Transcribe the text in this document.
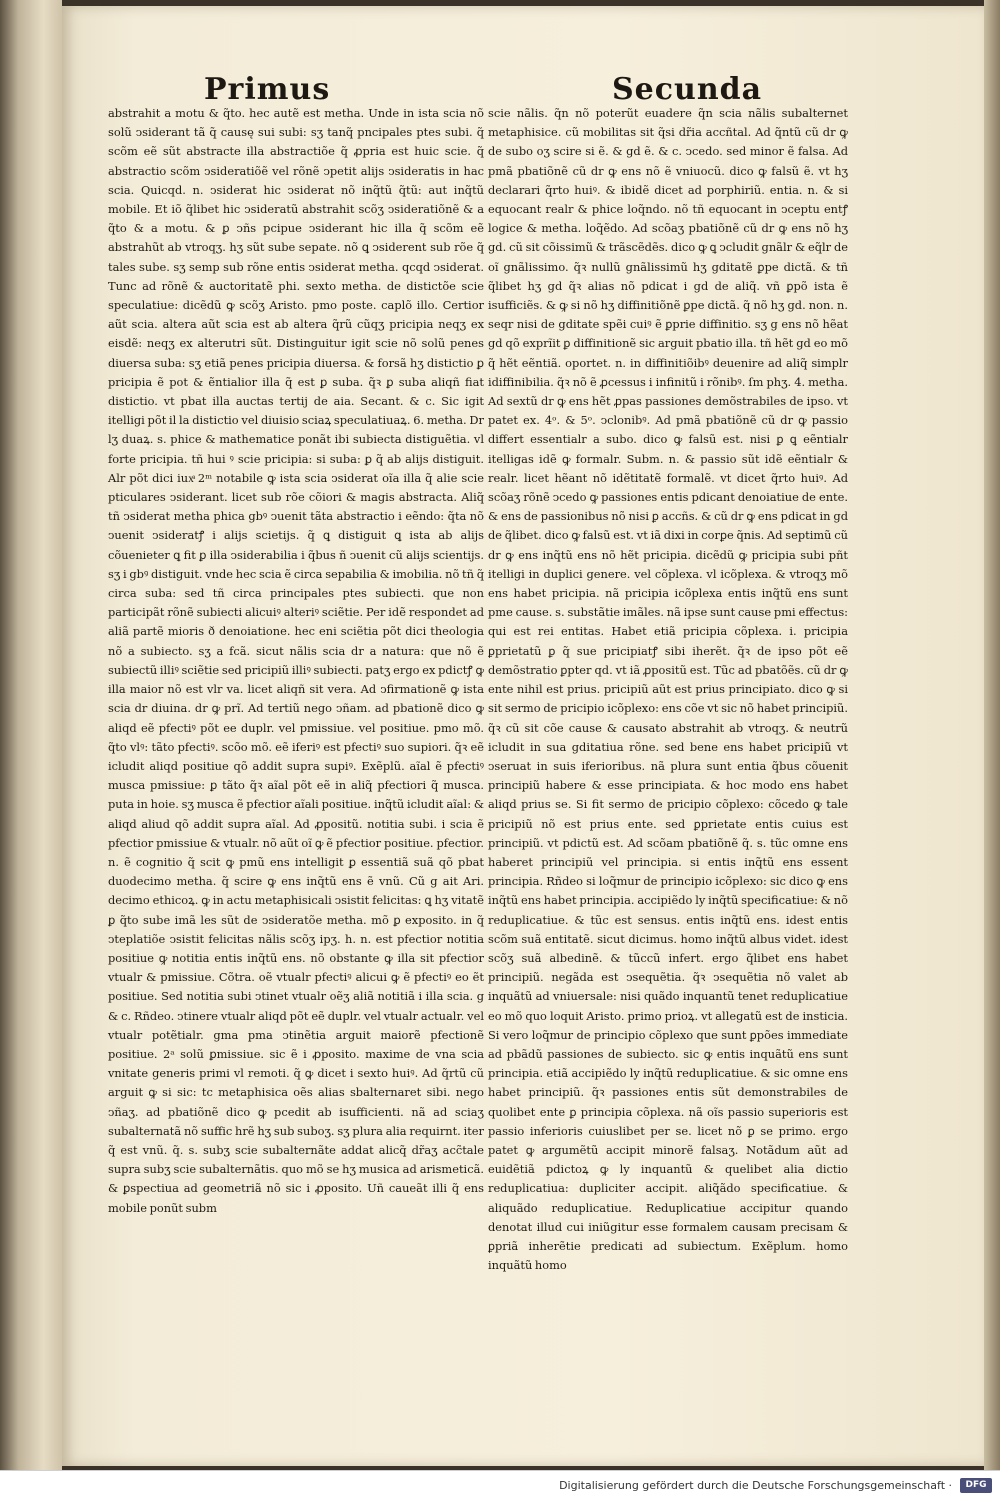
Primus	Secunda

abstrahit a motu & q̃to. hec autẽ est metha. Unde in ista scia nõ solũ ↄsiderant tã q̃ causę sui subi: sʒ tanq̃ pncipales ptes subi. q̃ scõm eẽ sũt abstracte illa abstractiõe q̃ ꝓpria est huic scie. q̃ abstractio scõm ↄsideratiõẽ vel rõnẽ ↄpetit alijs ↄsideratis in hac scia. Quicqd. n. ↄsiderat hic ↄsiderat nõ inq̃tũ q̃tũ: aut inq̃tũ mobile. Et iõ q̃libet hic ↄsideratũ abstrahit scõʒ ↄsideratiõnẽ & a q̃to & a motu. & ꝑ ↄñs pcipue ↄsiderant hic illa q̃ scõm eẽ abstrahũt ab vtroqʒ. hʒ sũt sube sepate. nõ ꝗ ↄsiderent sub rõe q̃ tales sube. sʒ semp sub rõne entis ↄsiderat metha. qcqd ↄsiderat. Tunc ad rõnẽ & auctoritatẽ phi. sexto metha. de distictõe scie speculatiue: dicẽdũ ꝙ scõʒ Aristo. pmo poste. caplõ illo. Certior aũt scia. altera aũt scia est ab altera q̃rũ cũqʒ pricipia neqʒ ex eisdẽ: neqʒ ex alterutri sũt. Distinguitur igit scie nõ solũ penes diuersa suba: sʒ etiã penes pricipia diuersa. & forsã hʒ distictio ꝑ pricipia ẽ pot & ẽntialior illa q̃ est ꝑ suba. q̃ꝛ ꝑ suba aliqñ fiat distictio. vt pbat illa auctas tertij de aia. Secant. & c. Sic igit itelligi põt il la distictio vel diuisio sciaꝝ speculatiuaꝝ. 6. metha. Dr lʒ duaꝝ. s. phice & mathematice ponãt ibi subiecta distiguẽtia. vl forte pricipia. tñ hui ꝰ scie pricipia: si suba: ꝑ q̃ ab alijs distiguit. Alr põt dici iuxͣ 2ᵐ notabile ꝙ ista scia ↄsiderat oĩa illa q̃ alie scie pticulares ↄsiderant. licet sub rõe cõiori & magis abstracta. Aliq̃ tñ ↄsiderat metha phica gbꝰ ↄuenit tãta abstractio i eẽndo: q̃ta nõ ↄuenit ↄsideratꝭ i alijs scietijs. q̃ ꝗ distiguit ꝗ ista ab alijs cõuenieter ꝗ fit ꝑ illa ↄsiderabilia i q̃bus ñ ↄuenit cũ alijs scientijs. sʒ i gbꝰ distiguit. vnde hec scia ẽ circa sepabilia & imobilia. nõ tñ q̃ circa suba: sed tñ circa principales ptes subiecti. que non participãt rõnẽ subiecti alicuiꝰ alteriꝰ sciẽtie. Per idẽ respondet ad aliã partẽ mioris ð denoiatione. hec eni sciẽtia põt dici theologia nõ a subiecto. sʒ a fcã. sicut nãlis scia dr a natura: que nõ ẽ subiectũ illiꝰ sciẽtie sed pricipiũ illiꝰ subiecti. patʒ ergo ex pdictꝭ ꝙ illa maior nõ est vlr va. licet aliqñ sit vera. Ad ↄfirmationẽ ꝙ ista scia dr diuina. dr ꝙ prĩ. Ad tertiũ nego ↄñam. ad pbationẽ dico ꝙ aliqd eẽ pfectiꝰ põt ee duplr. vel pmissiue. vel positiue. pmo mõ. q̃to vlꝰ: tãto pfectiꝰ. scõo mõ. eẽ iferiꝰ est pfectiꝰ suo supiori. q̃ꝛ eẽ icludit aliqd positiue qõ addit supra supiꝰ. Exẽplũ. aĩal ẽ pfectiꝰ musca pmissiue: ꝑ tãto q̃ꝛ aĩal põt eẽ in aliq̃ pfectiori q̃ musca. puta in hoie. sʒ musca ẽ pfectior aĩali positiue. inq̃tũ icludit aĩal: & aliqd aliud qõ addit supra aĩal. Ad ꝓpositũ. notitia subi. i scia ẽ pfectior pmissiue & vtualr. nõ aũt oĩ ꝙ ẽ pfectior positiue. pfectior. n. ẽ cognitio q̃ scit ꝙ pmũ ens intelligit ꝑ essentiã suã qõ pbat duodecimo metha. q̃ scire ꝙ ens inq̃tũ ens ẽ vnũ. Cũ g ait Ari. decimo ethicoꝝ. ꝙ in actu metaphisicali ↄsistit felicitas: ꝗ hʒ vitatẽ ꝑ q̃to sube imã les sũt de ↄsideratõe metha. mõ ꝑ exposito. in q̃ ↄteplatiõe ↄsistit felicitas nãlis scõʒ ipʒ. h. n. est pfectior notitia positiue ꝙ notitia entis inq̃tũ ens. nõ obstante ꝙ illa sit pfectior vtualr & pmissiue. Cõtra. oẽ vtualr pfectiꝰ alicui ꝙ ẽ pfectiꝰ eo ẽt positiue. Sed notitia subi ↄtinet vtualr oẽʒ aliã notitiã i illa scia. g & c. Rñdeo. ↄtinere vtualr aliqd põt eẽ duplr. vel vtualr actualr. vel vtualr potẽtialr. gma pma ↄtinẽtia arguit maiorẽ pfectionẽ positiue. 2ᵃ solũ ꝑmissiue. sic ẽ i ꝓposito. maxime de vna scia vnitate generis primi vl remoti. q̃ ꝙ dicet i sexto huiꝰ. Ad q̃rtũ cũ arguit ꝙ si sic: tc metaphisica oẽs alias sbalternaret sibi. nego ↄñaʒ. ad pbatiõnẽ dico ꝙ pcedit ab isufficienti. nã ad sciaʒ subalternatã nõ suffic hrẽ hʒ sub suboʒ. sʒ plura alia requirnt. iter q̃ est vnũ. q̃. s. subʒ scie subalternãte addat alicq̃ dr̃aʒ acc̃tale supra subʒ scie subalternãtis. quo mõ se hʒ musica ad arismeticã. & ꝑspectiua ad geometriã nõ sic i ꝓposito. Uñ caueãt illi q̃ ens mobile ponũt subm

scie nãlis. q̃n nõ poterũt euadere q̃n scia nãlis subalternet metaphisice. cũ mobilitas sit q̃si dr̃ia accñtal. Ad q̃ntũ cũ dr ꝙ de subo oʒ scire si ẽ. & gd ẽ. & c. ↄcedo. sed minor ẽ falsa. Ad pmã pbatiõnẽ cũ dr ꝙ ens nõ ẽ vniuocũ. dico ꝙ falsũ ẽ. vt hʒ declarari q̃rto huiꝰ. & ibidẽ dicet ad porphiriũ. entia. n. & si equocant realr & phice loq̃ndo. nõ tñ equocant in ↄceptu entꝭ logice & metha. loq̃ẽdo. Ad scõaʒ pbatiõnẽ cũ dr ꝙ ens nõ hʒ gd. cũ sit cõissimũ & trãscẽdẽs. dico ꝙ ꝗ ↄcludit gnãlr & eq̃lr de oĩ gnãlissimo. q̃ꝛ nullũ gnãlissimũ hʒ gditatẽ ꝑpe dictã. & tñ q̃libet hʒ gd q̃ꝛ alias nõ pdicat i gd de aliq̃. vñ ꝑpõ ista ẽ isufficiẽs. & ꝙ si nõ hʒ diffinitiõnẽ ꝑpe dictã. q̃ nõ hʒ gd. non. n. seqr nisi de gditate spẽi cuiꝰ ẽ ꝑprie diffinitio. sʒ g ens nõ hẽat gd qõ exprĩit ꝑ diffinitionẽ sic arguit pbatio illa. tñ hẽt gd eo mõ q̃ hẽt eẽntiã. oportet. n. in diffinitiõibꝰ deuenire ad aliq̃ simplr idiffinibilia. q̃ꝛ nõ ẽ ꝓcessus i infinitũ i rõnibꝰ. ſm phʒ. 4. metha. Ad sextũ dr ꝙ ens hẽt ꝓpas passiones demõstrabiles de ipso. vt patet ex. 4ᵒ. & 5ᵒ. ↄclonibꝰ. Ad pmã pbatiõnẽ cũ dr ꝙ passio differt essentialr a subo. dico ꝙ falsũ est. nisi ꝑ ꝗ eẽntialr itelligas idẽ ꝙ formalr. Subm. n. & passio sũt idẽ eẽntialr & realr. licet hẽant nõ idẽtitatẽ formalẽ. vt dicet q̃rto huiꝰ. Ad scõaʒ rõnẽ ↄcedo ꝙ passiones entis pdicant denoiatiue de ente. & ens de passionibus nõ nisi ꝑ accñs. & cũ dr ꝙ ens pdicat in gd de q̃libet. dico ꝙ falsũ est. vt iã dixi in corꝑe q̃nis. Ad septimũ cũ dr ꝙ ens inq̃tũ ens nõ hẽt pricipia. dicẽdũ ꝙ pricipia subi pñt itelligi in duplici genere. vel cõplexa. vl icõplexa. & vtroqʒ mõ ens habet pricipia. nã pricipia icõplexa entis inq̃tũ ens sunt pme cause. s. substãtie imãles. nã ipse sunt cause pmi effectus: qui est rei entitas. Habet etiã pricipia cõplexa. i. pricipia ꝑprietatũ ꝑ q̃ sue pricipiatꝭ sibi iherẽt. q̃ꝛ de ipso põt eẽ demõstratio ꝑpter qd. vt iã ꝓpositũ est. Tũc ad pbatõẽs. cũ dr ꝙ ente nihil est prius. pricipiũ aũt est prius principiato. dico ꝙ si sit sermo de pricipio icõplexo: ens cõe vt sic nõ habet principiũ. q̃ꝛ cũ sit cõe cause & causato abstrahit ab vtroqʒ. & neutrũ icludit in sua gditatiua rõne. sed bene ens habet pricipiũ vt ↄseruat in suis iferioribus. nã plura sunt entia q̃bus cõuenit principiũ habere & esse principiata. & hoc modo ens habet aliqd prius se. Si fit sermo de pricipio cõplexo: cõcedo ꝙ tale pricipiũ nõ est prius ente. sed ꝑprietate entis cuius est principiũ. vt pdictũ est. Ad scõam pbatiõnẽ q̃. s. tũc omne ens haberet principiũ vel principia. si entis inq̃tũ ens essent principia. Rñdeo si loq̃mur de principio icõplexo: sic dico ꝙ ens inq̃tũ ens habet principia. accipiẽdo ly inq̃tũ specificatiue: & nõ reduplicatiue. & tũc est sensus. entis inq̃tũ ens. idest entis scõm suã entitatẽ. sicut dicimus. homo inq̃tũ albus videt. idest scõʒ suã albedinẽ. & tũccũ infert. ergo q̃libet ens habet principiũ. negãda est ↄsequẽtia. q̃ꝛ ↄsequẽtia nõ valet ab inquãtũ ad vniuersale: nisi quãdo inquantũ tenet reduplicatiue eo mõ quo loquit Aristo. primo prioꝝ. vt allegatũ est de insticia. Si vero loq̃mur de principio cõplexo que sunt ꝑpões immediate ad pbãdũ passiones de subiecto. sic ꝙ entis inquãtũ ens sunt principia. etiã accipiẽdo ly inq̃tũ reduplicatiue. & sic omne ens habet principiũ. q̃ꝛ passiones entis sũt demonstrabiles de quolibet ente ꝑ principia cõplexa. nã oĩs passio superioris est passio inferioris cuiuslibet per se. licet nõ ꝑ se primo. ergo patet ꝙ argumẽtũ accipit minorẽ falsaʒ. Notãdum aũt ad euidẽtiã pdictoꝝ ꝙ ly inquantũ & quelibet alia dictio reduplicatiua: dupliciter accipit. aliq̃ãdo specificatiue. & aliquãdo reduplicatiue. Reduplicatiue accipitur quando denotat illud cui iniũgitur esse formalem causam precisam & ꝑpriã inherẽtie predicati ad subiectum. Exẽplum. homo inquãtũ homo

Digitalisierung gefördert durch die Deutsche Forschungsgemeinschaft ·	DFG
